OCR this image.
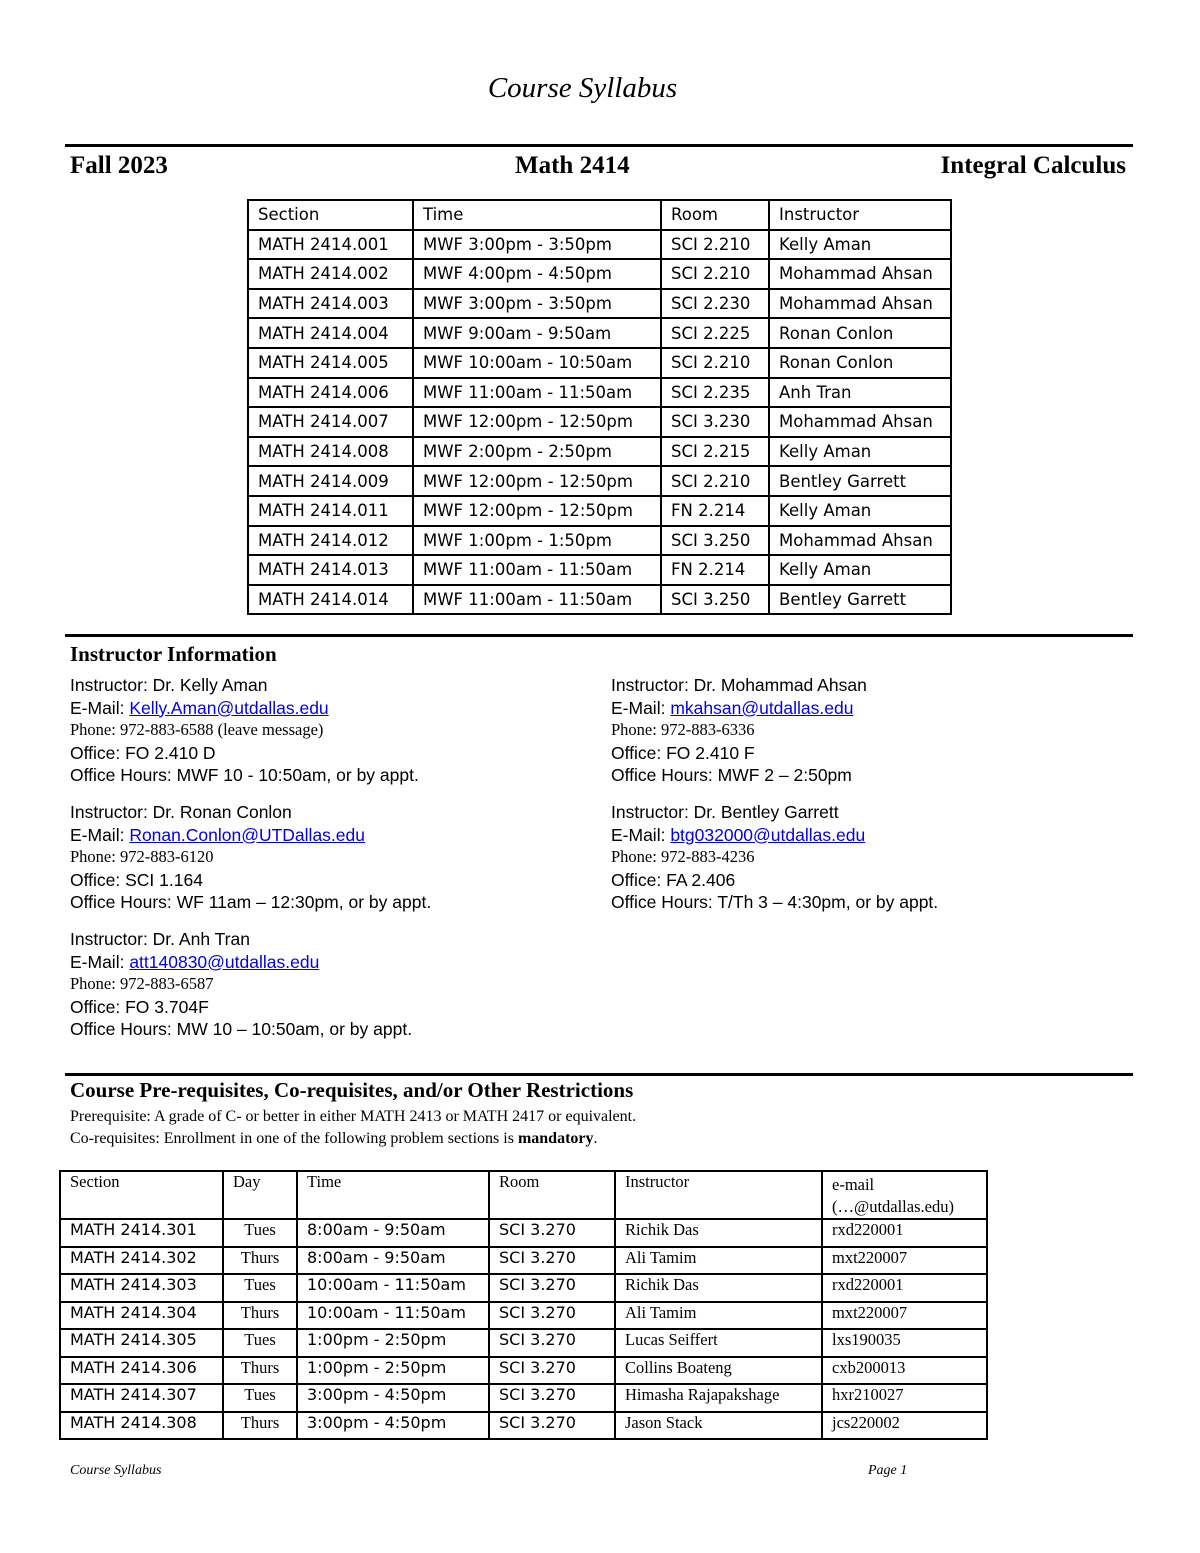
Course Syllabus
Fall 2023	Math 2414	Integral Calculus
Section	Time	Room	Instructor
MATH 2414.001	MWF 3:00pm - 3:50pm	SCI 2.210	Kelly Aman
MATH 2414.002	MWF 4:00pm - 4:50pm	SCI 2.210	Mohammad Ahsan
MATH 2414.003	MWF 3:00pm - 3:50pm	SCI 2.230	Mohammad Ahsan
MATH 2414.004	MWF 9:00am - 9:50am	SCI 2.225	Ronan Conlon
MATH 2414.005	MWF 10:00am - 10:50am	SCI 2.210	Ronan Conlon
MATH 2414.006	MWF 11:00am - 11:50am	SCI 2.235	Anh Tran
MATH 2414.007	MWF 12:00pm - 12:50pm	SCI 3.230	Mohammad Ahsan
MATH 2414.008	MWF 2:00pm - 2:50pm	SCI 2.215	Kelly Aman
MATH 2414.009	MWF 12:00pm - 12:50pm	SCI 2.210	Bentley Garrett
MATH 2414.011	MWF 12:00pm - 12:50pm	FN 2.214	Kelly Aman
MATH 2414.012	MWF 1:00pm - 1:50pm	SCI 3.250	Mohammad Ahsan
MATH 2414.013	MWF 11:00am - 11:50am	FN 2.214	Kelly Aman
MATH 2414.014	MWF 11:00am - 11:50am	SCI 3.250	Bentley Garrett
Instructor Information
Instructor: Dr. Kelly Aman
E-Mail: Kelly.Aman@utdallas.edu
Phone: 972-883-6588 (leave message)
Office: FO 2.410 D
Office Hours: MWF 10 - 10:50am, or by appt.
Instructor: Dr. Mohammad Ahsan
E-Mail: mkahsan@utdallas.edu
Phone: 972-883-6336
Office: FO 2.410 F
Office Hours: MWF 2 – 2:50pm
Instructor: Dr. Ronan Conlon
E-Mail: Ronan.Conlon@UTDallas.edu
Phone: 972-883-6120
Office: SCI 1.164
Office Hours: WF 11am – 12:30pm, or by appt.
Instructor: Dr. Bentley Garrett
E-Mail: btg032000@utdallas.edu
Phone: 972-883-4236
Office: FA 2.406
Office Hours: T/Th 3 – 4:30pm, or by appt.
Instructor: Dr. Anh Tran
E-Mail: att140830@utdallas.edu
Phone: 972-883-6587
Office: FO 3.704F
Office Hours: MW 10 – 10:50am, or by appt.
Course Pre-requisites, Co-requisites, and/or Other Restrictions
Prerequisite: A grade of C- or better in either MATH 2413 or MATH 2417 or equivalent.
Co-requisites: Enrollment in one of the following problem sections is mandatory.
Section	Day	Time	Room	Instructor	e-mail
(…@utdallas.edu)

MATH 2414.301	Tues	8:00am - 9:50am	SCI 3.270	Richik Das	rxd220001
MATH 2414.302	Thurs	8:00am - 9:50am	SCI 3.270	Ali Tamim	mxt220007
MATH 2414.303	Tues	10:00am - 11:50am	SCI 3.270	Richik Das	rxd220001
MATH 2414.304	Thurs	10:00am - 11:50am	SCI 3.270	Ali Tamim	mxt220007
MATH 2414.305	Tues	1:00pm - 2:50pm	SCI 3.270	Lucas Seiffert	lxs190035
MATH 2414.306	Thurs	1:00pm - 2:50pm	SCI 3.270	Collins Boateng	cxb200013
MATH 2414.307	Tues	3:00pm - 4:50pm	SCI 3.270	Himasha Rajapakshage	hxr210027
MATH 2414.308	Thurs	3:00pm - 4:50pm	SCI 3.270	Jason Stack	jcs220002
Course Syllabus	Page 1
